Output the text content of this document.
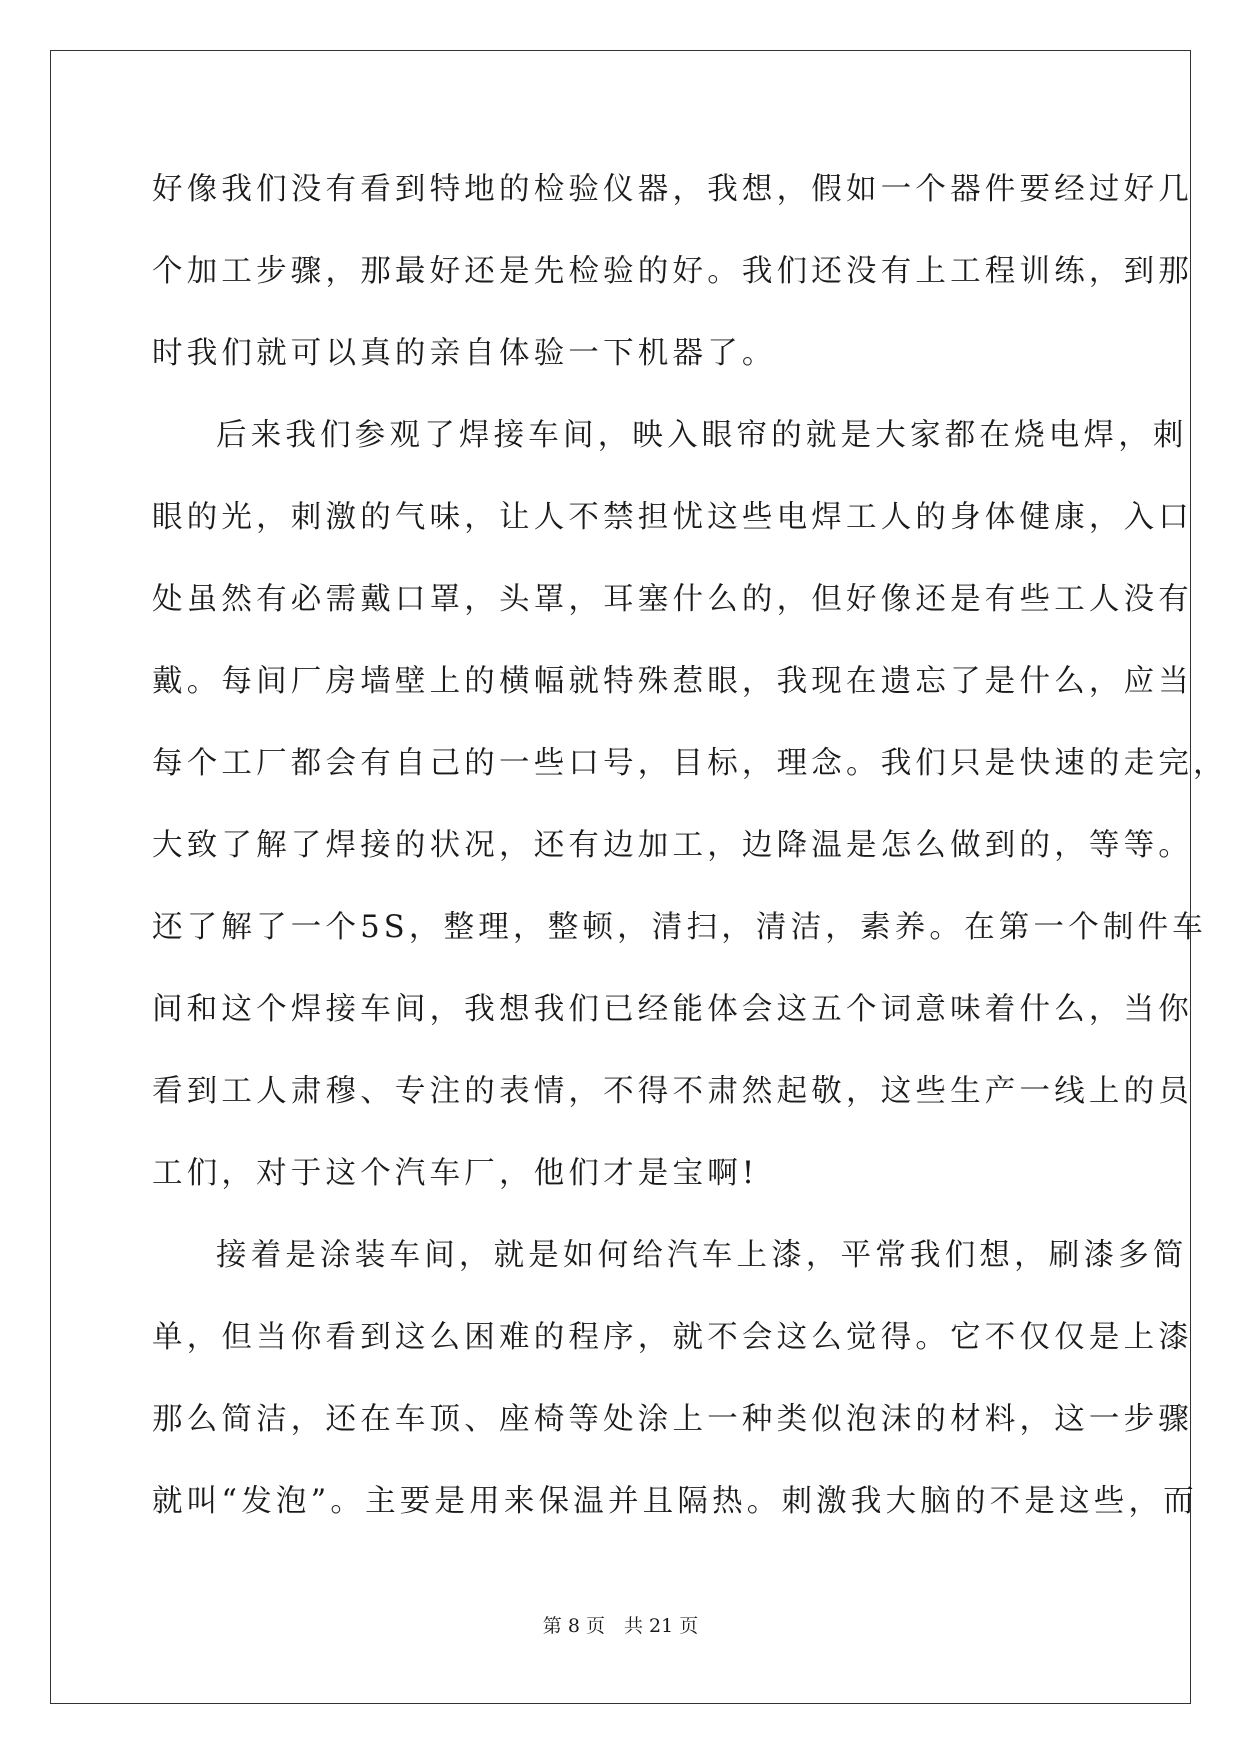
好像我们没有看到特地的检验仪器，我想，假如一个器件要经过好几
个加工步骤，那最好还是先检验的好。我们还没有上工程训练，到那
时我们就可以真的亲自体验一下机器了。
后来我们参观了焊接车间，映入眼帘的就是大家都在烧电焊，刺
眼的光，刺激的气味，让人不禁担忧这些电焊工人的身体健康，入口
处虽然有必需戴口罩，头罩，耳塞什么的，但好像还是有些工人没有
戴。每间厂房墙壁上的横幅就特殊惹眼，我现在遗忘了是什么，应当
每个工厂都会有自己的一些口号，目标，理念。我们只是快速的走完，
大致了解了焊接的状况，还有边加工，边降温是怎么做到的，等等。
还了解了一个5S，整理，整顿，清扫，清洁，素养。在第一个制件车
间和这个焊接车间，我想我们已经能体会这五个词意味着什么，当你
看到工人肃穆、专注的表情，不得不肃然起敬，这些生产一线上的员
工们，对于这个汽车厂，他们才是宝啊!
接着是涂装车间，就是如何给汽车上漆，平常我们想，刷漆多简
单，但当你看到这么困难的程序，就不会这么觉得。它不仅仅是上漆
那么简洁，还在车顶、座椅等处涂上一种类似泡沫的材料，这一步骤
就叫“发泡”。主要是用来保温并且隔热。刺激我大脑的不是这些，而
第 8 页　共 21 页
